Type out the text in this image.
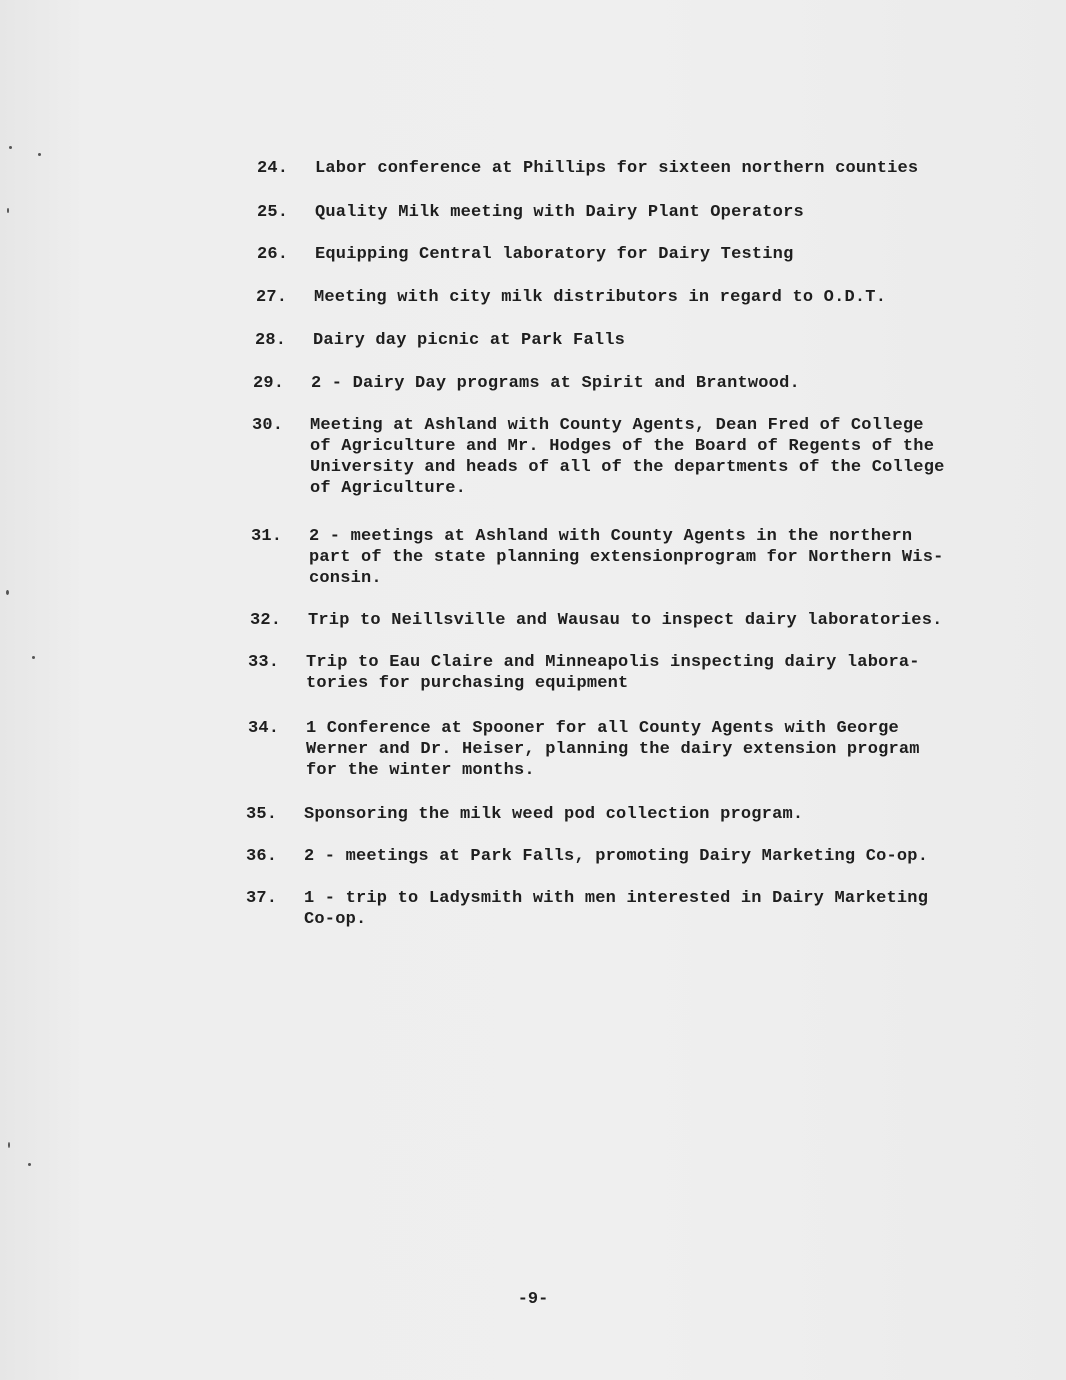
24.	Labor conference at Phillips for sixteen northern counties
25.	Quality Milk meeting with Dairy Plant Operators
26.	Equipping Central laboratory for Dairy Testing
27.	Meeting with city milk distributors in regard to O.D.T.
28.	Dairy day picnic at Park Falls
29.	2 - Dairy Day programs at Spirit and Brantwood.
30.	Meeting at Ashland with County Agents, Dean Fred of College
of Agriculture and Mr. Hodges of the Board of Regents of the
University and heads of all of the departments of the College
of Agriculture.
31.	2 - meetings at Ashland with County Agents in the northern
part of the state planning extensionprogram for Northern Wis-
consin.
32.	Trip to Neillsville and Wausau to inspect dairy laboratories.
33.	Trip to Eau Claire and Minneapolis inspecting dairy labora-
tories for purchasing equipment
34.	1 Conference at Spooner for all County Agents with George
Werner and Dr. Heiser, planning the dairy extension program
for the winter months.
35.	Sponsoring the milk weed pod collection program.
36.	2 - meetings at Park Falls, promoting Dairy Marketing Co-op.
37.	1 - trip to Ladysmith with men interested in Dairy Marketing
Co-op.
-9-
